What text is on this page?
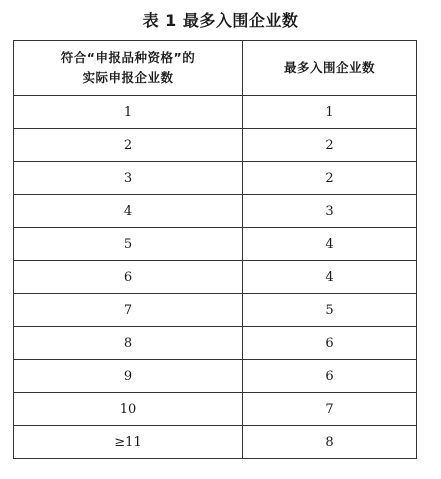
表 1 最多入围企业数
符合“申报品种资格”的
实际申报企业数	最多入围企业数
1	1
2	2
3	2
4	3
5	4
6	4
7	5
8	6
9	6
10	7
≥11	8
